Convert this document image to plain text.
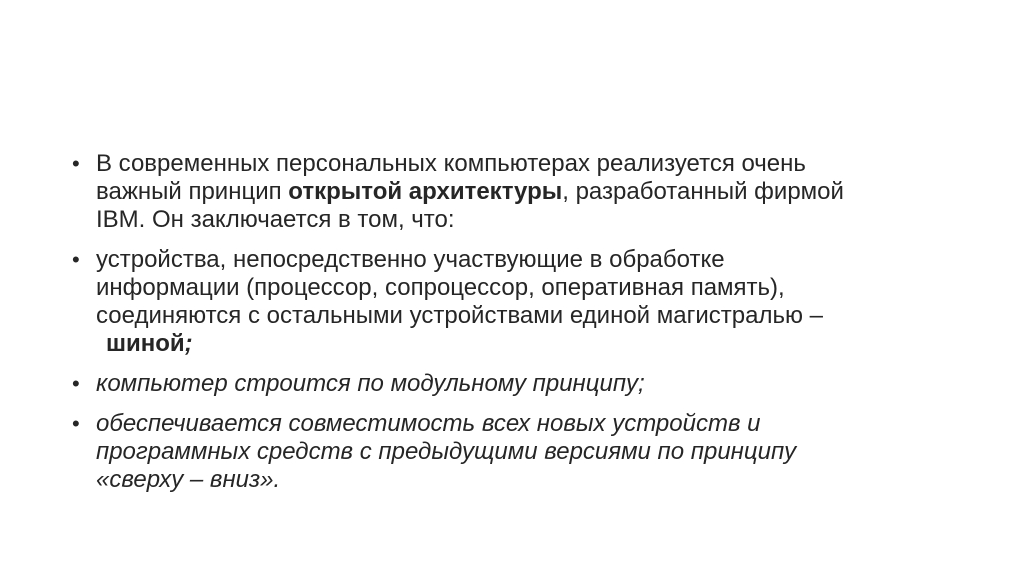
• В современных персональных компьютерах реализуется очень
важный принцип открытой архитектуры, разработанный фирмой
IBM. Он заключается в том, что:
• устройства, непосредственно участвующие в обработке
информации (процессор, сопроцессор, оперативная память),
соединяются с остальными устройствами единой магистралью –
шиной;
• компьютер строится по модульному принципу;
• обеспечивается совместимость всех новых устройств и
программных средств с предыдущими версиями по принципу
«сверху – вниз».
